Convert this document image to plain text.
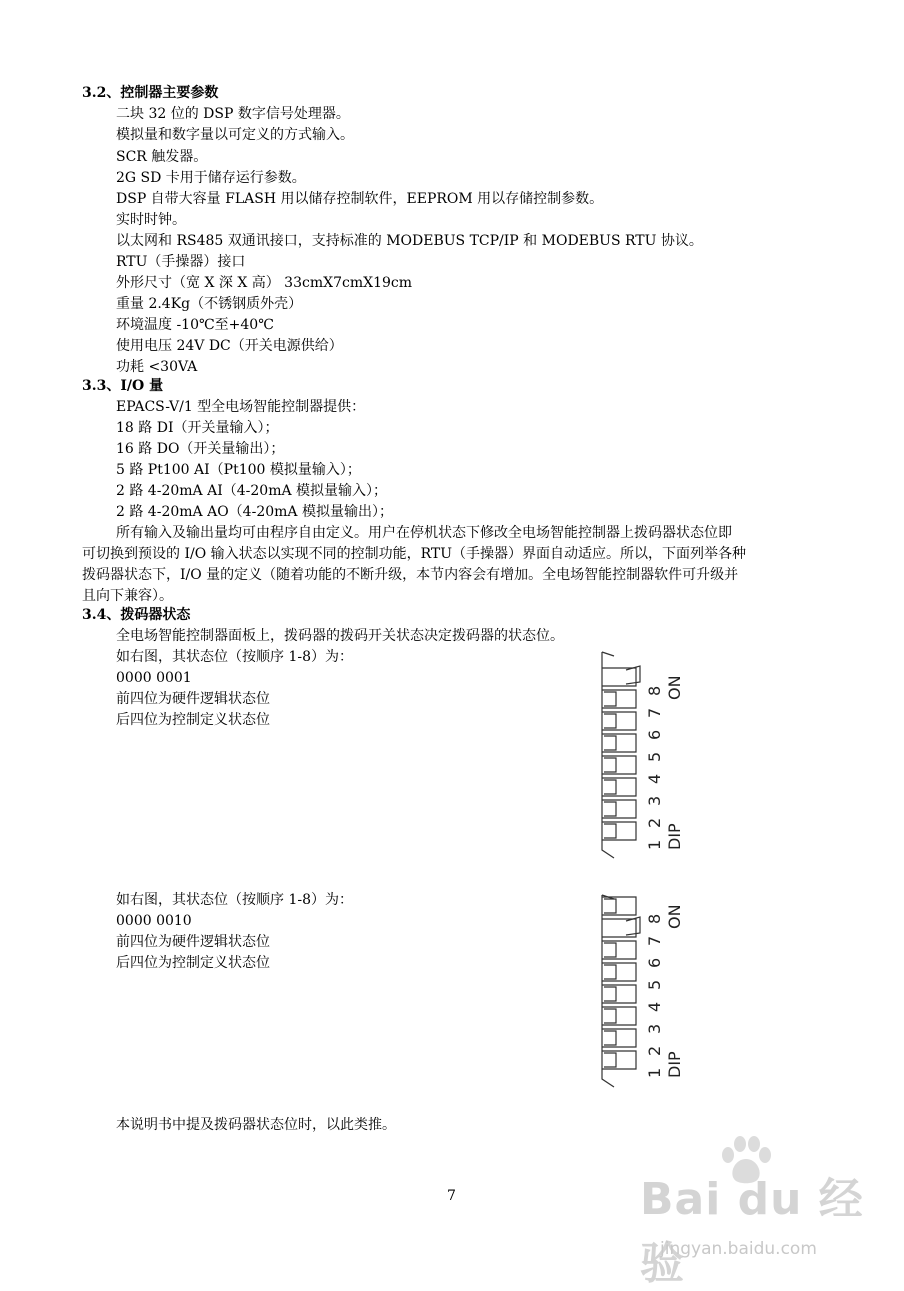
3.2、控制器主要参数
二块 32 位的 DSP 数字信号处理器。
模拟量和数字量以可定义的方式输入。
SCR 触发器。
2G SD 卡用于储存运行参数。
DSP 自带大容量 FLASH 用以储存控制软件，EEPROM 用以存储控制参数。
实时时钟。
以太网和 RS485 双通讯接口，支持标准的 MODEBUS TCP/IP 和 MODEBUS RTU 协议。
RTU（手操器）接口
外形尺寸（宽 X 深 X 高） 33cmX7cmX19cm
重量 2.4Kg（不锈钢质外壳）
环境温度 -10℃至+40℃
使用电压 24V DC（开关电源供给）
功耗 <30VA
3.3、I/O 量
EPACS-V/1 型全电场智能控制器提供：
18 路 DI（开关量输入）；
16 路 DO（开关量输出）；
5 路 Pt100 AI（Pt100 模拟量输入）；
2 路 4-20mA AI（4-20mA 模拟量输入）；
2 路 4-20mA AO（4-20mA 模拟量输出）；
所有输入及输出量均可由程序自由定义。用户在停机状态下修改全电场智能控制器上拨码器状态位即
可切换到预设的 I/O 输入状态以实现不同的控制功能，RTU（手操器）界面自动适应。所以，下面列举各种
拨码器状态下，I/O 量的定义（随着功能的不断升级，本节内容会有增加。全电场智能控制器软件可升级并
且向下兼容）。
3.4、拨码器状态
全电场智能控制器面板上，拨码器的拨码开关状态决定拨码器的状态位。
如右图，其状态位（按顺序 1-8）为：
0000 0001
前四位为硬件逻辑状态位
后四位为控制定义状态位
如右图，其状态位（按顺序 1-8）为：
0000 0010
前四位为硬件逻辑状态位
后四位为控制定义状态位
本说明书中提及拨码器状态位时，以此类推。
1
2
3
4
5
6
7
8
DIP
ON
1
2
3
4
5
6
7
8
DIP
ON
7	Bai du 经验
jingyan.baidu.com
